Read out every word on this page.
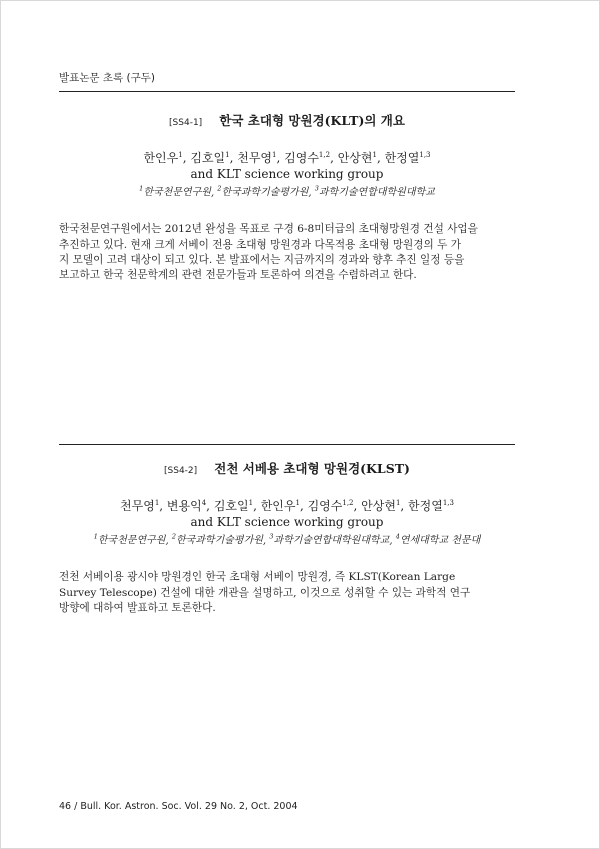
발표논문 초록 (구두)
[SS4-1] 한국 초대형 망원경(KLT)의 개요
한인우$^1$, 김호일$^1$, 천무영$^1$, 김영수$^{1,2}$, 안상현$^1$, 한정열$^{1,3}$
and KLT science working group
$^1$한국천문연구원, $^2$한국과학기술평가원, $^3$과학기술연합대학원대학교
한국천문연구원에서는 2012년 완성을 목표로 구경 6-8미터급의 초대형망원경 건설 사업을
추진하고 있다. 현재 크게 서베이 전용 초대형 망원경과 다목적용 초대형 망원경의 두 가
지 모델이 고려 대상이 되고 있다. 본 발표에서는 지금까지의 경과와 향후 추진 일정 등을
보고하고 한국 천문학계의 관련 전문가들과 토론하여 의견을 수렴하려고 한다.
[SS4-2] 전천 서베용 초대형 망원경(KLST)
천무영$^1$, 변용익$^4$, 김호일$^1$, 한인우$^1$, 김영수$^{1,2}$, 안상현$^1$, 한정열$^{1,3}$
and KLT science working group
$^1$한국천문연구원, $^2$한국과학기술평가원, $^3$과학기술연합대학원대학교, $^4$연세대학교 천문대
전천 서베이용 광시야 망원경인 한국 초대형 서베이 망원경, 즉 KLST(Korean Large
Survey Telescope) 건설에 대한 개관을 설명하고, 이것으로 성취할 수 있는 과학적 연구
방향에 대하여 발표하고 토론한다.
46 / Bull. Kor. Astron. Soc. Vol. 29 No. 2, Oct. 2004
